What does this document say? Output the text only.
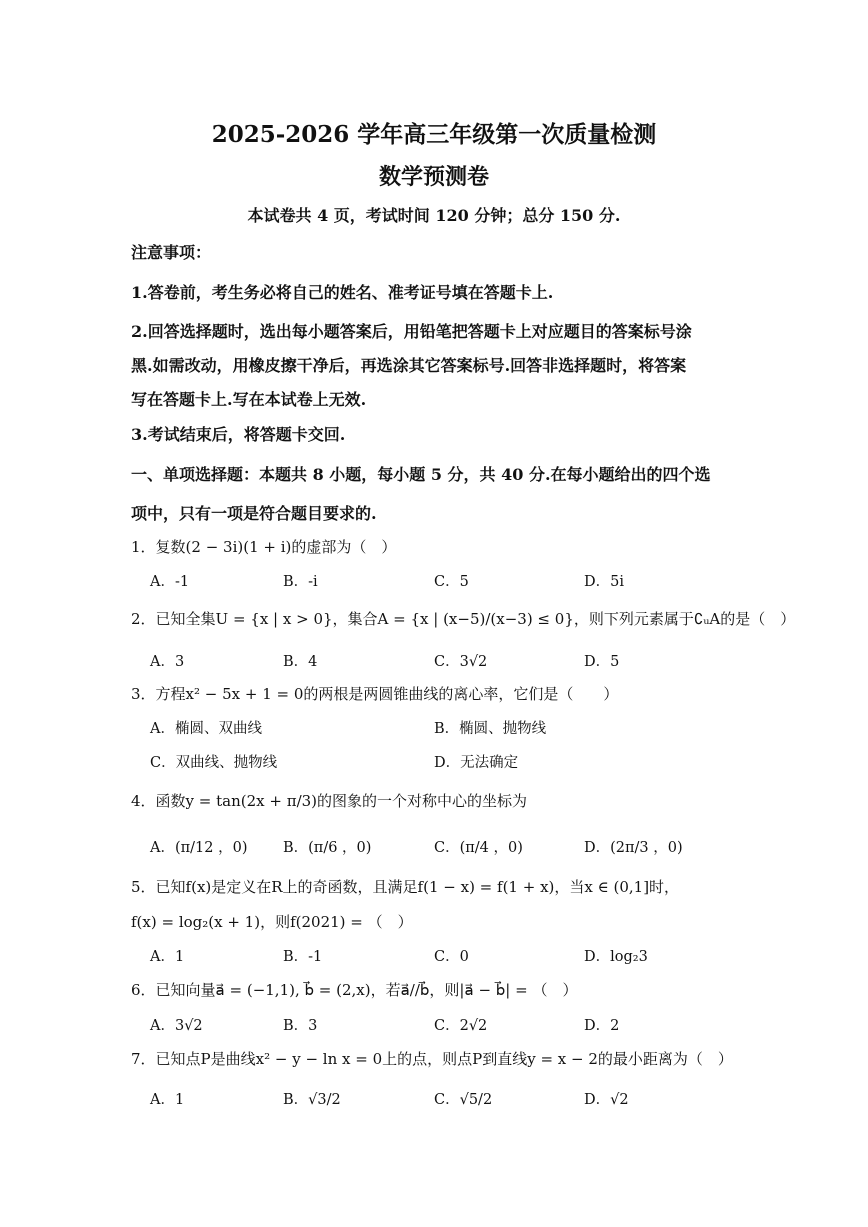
2025-2026 学年高三年级第一次质量检测
数学预测卷
本试卷共 4 页，考试时间 120 分钟；总分 150 分.
注意事项：
1.答卷前，考生务必将自己的姓名、准考证号填在答题卡上.
2.回答选择题时，选出每小题答案后，用铅笔把答题卡上对应题目的答案标号涂
黑.如需改动，用橡皮擦干净后，再选涂其它答案标号.回答非选择题时，将答案
写在答题卡上.写在本试卷上无效.
3.考试结束后，将答题卡交回.
一、单项选择题：本题共 8 小题，每小题 5 分，共 40 分.在每小题给出的四个选
项中，只有一项是符合题目要求的.
1．复数(2 − 3i)(1 + i)的虚部为（　）
A．-1	B．-i	C．5	D．5i
2．已知全集U = {x | x > 0}，集合A = {x | (x−5)/(x−3) ≤ 0}，则下列元素属于∁ᵤA的是（　）
A．3	B．4	C．3√2	D．5
3．方程x² − 5x + 1 = 0的两根是两圆锥曲线的离心率，它们是（　　）
A．椭圆、双曲线	B．椭圆、抛物线
C．双曲线、抛物线	D．无法确定
4．函数y = tan(2x + π/3)的图象的一个对称中心的坐标为
A．(π/12 ，0) B．(π/6 ，0)	C．(π/4 ，0)	D．(2π/3 ，0)
5．已知f(x)是定义在R上的奇函数，且满足f(1 − x) = f(1 + x)，当x ∈ (0,1]时，
f(x) = log₂(x + 1)，则f(2021) = （　）
A．1	B．-1	C．0	D．log₂3
6．已知向量a⃗ = (−1,1), b⃗ = (2,x)，若a⃗//b⃗，则|a⃗ − b⃗| = （　）
A．3√2	B．3	C．2√2	D．2
7．已知点P是曲线x² − y − ln x = 0上的点，则点P到直线y = x − 2的最小距离为（　）
A．1	B．√3/2	C．√5/2	D．√2
